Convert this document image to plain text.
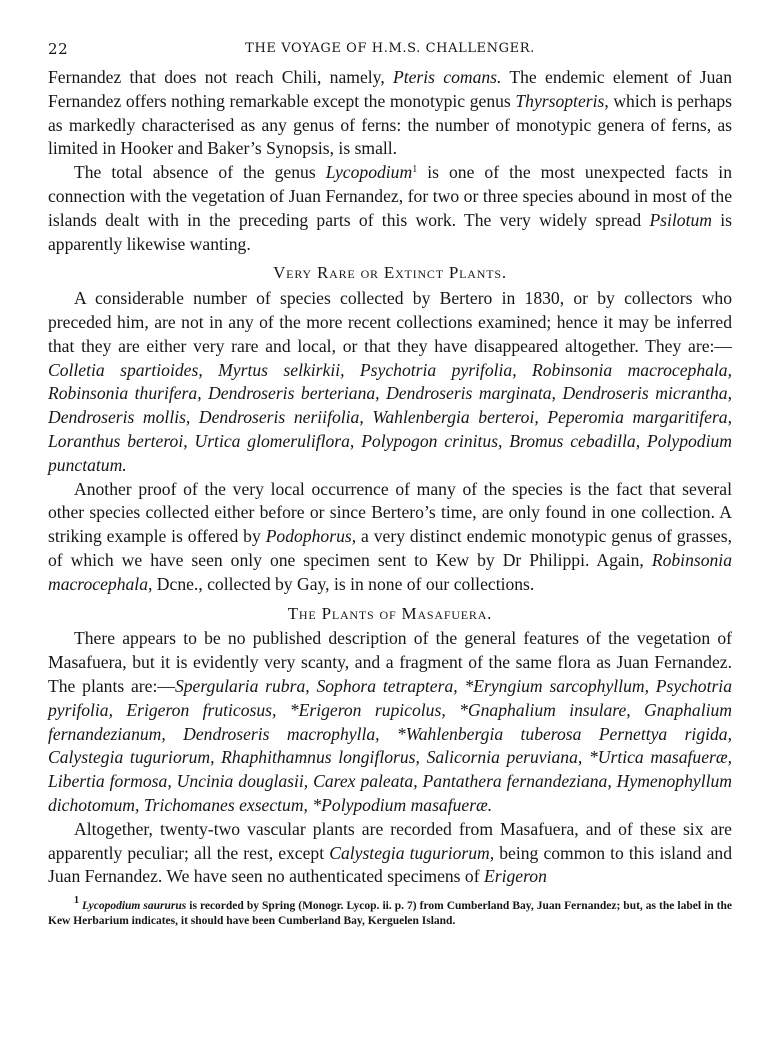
22	THE VOYAGE OF H.M.S. CHALLENGER.

Fernandez that does not reach Chili, namely, Pteris comans. The endemic element of Juan Fernandez offers nothing remarkable except the monotypic genus Thyrsopteris, which is perhaps as markedly characterised as any genus of ferns: the number of monotypic genera of ferns, as limited in Hooker and Baker’s Synopsis, is small.

The total absence of the genus Lycopodium$^1$ is one of the most unexpected facts in connection with the vegetation of Juan Fernandez, for two or three species abound in most of the islands dealt with in the preceding parts of this work. The very widely spread Psilotum is apparently likewise wanting.

Very Rare or Extinct Plants.

A considerable number of species collected by Bertero in 1830, or by collectors who preceded him, are not in any of the more recent collections examined; hence it may be inferred that they are either very rare and local, or that they have disappeared altogether. They are:—Colletia spartioides, Myrtus selkirkii, Psychotria pyrifolia, Robinsonia macrocephala, Robinsonia thurifera, Dendroseris berteriana, Dendroseris marginata, Dendroseris micrantha, Dendroseris mollis, Dendroseris neriifolia, Wahlenbergia berteroi, Peperomia margaritifera, Loranthus berteroi, Urtica glomeruliflora, Polypogon crinitus, Bromus cebadilla, Polypodium punctatum.

Another proof of the very local occurrence of many of the species is the fact that several other species collected either before or since Bertero’s time, are only found in one collection. A striking example is offered by Podophorus, a very distinct endemic monotypic genus of grasses, of which we have seen only one specimen sent to Kew by Dr Philippi. Again, Robinsonia macrocephala, Dcne., collected by Gay, is in none of our collections.

The Plants of Masafuera.

There appears to be no published description of the general features of the vegetation of Masafuera, but it is evidently very scanty, and a fragment of the same flora as Juan Fernandez. The plants are:—Spergularia rubra, Sophora tetraptera, *Eryngium sarcophyllum, Psychotria pyrifolia, Erigeron fruticosus, *Erigeron rupicolus, *Gnaphalium insulare, Gnaphalium fernandezianum, Dendroseris macrophylla, *Wahlenbergia tuberosa Pernettya rigida, Calystegia tuguriorum, Rhaphithamnus longiflorus, Salicornia peruviana, *Urtica masafueræ, Libertia formosa, Uncinia douglasii, Carex paleata, Pantathera fernandeziana, Hymenophyllum dichotomum, Trichomanes exsectum, *Polypodium masafueræ.

Altogether, twenty-two vascular plants are recorded from Masafuera, and of these six are apparently peculiar; all the rest, except Calystegia tuguriorum, being common to this island and Juan Fernandez. We have seen no authenticated specimens of Erigeron

$^1$ Lycopodium saururus is recorded by Spring (Monogr. Lycop. ii. p. 7) from Cumberland Bay, Juan Fernandez; but, as the label in the Kew Herbarium indicates, it should have been Cumberland Bay, Kerguelen Island.
